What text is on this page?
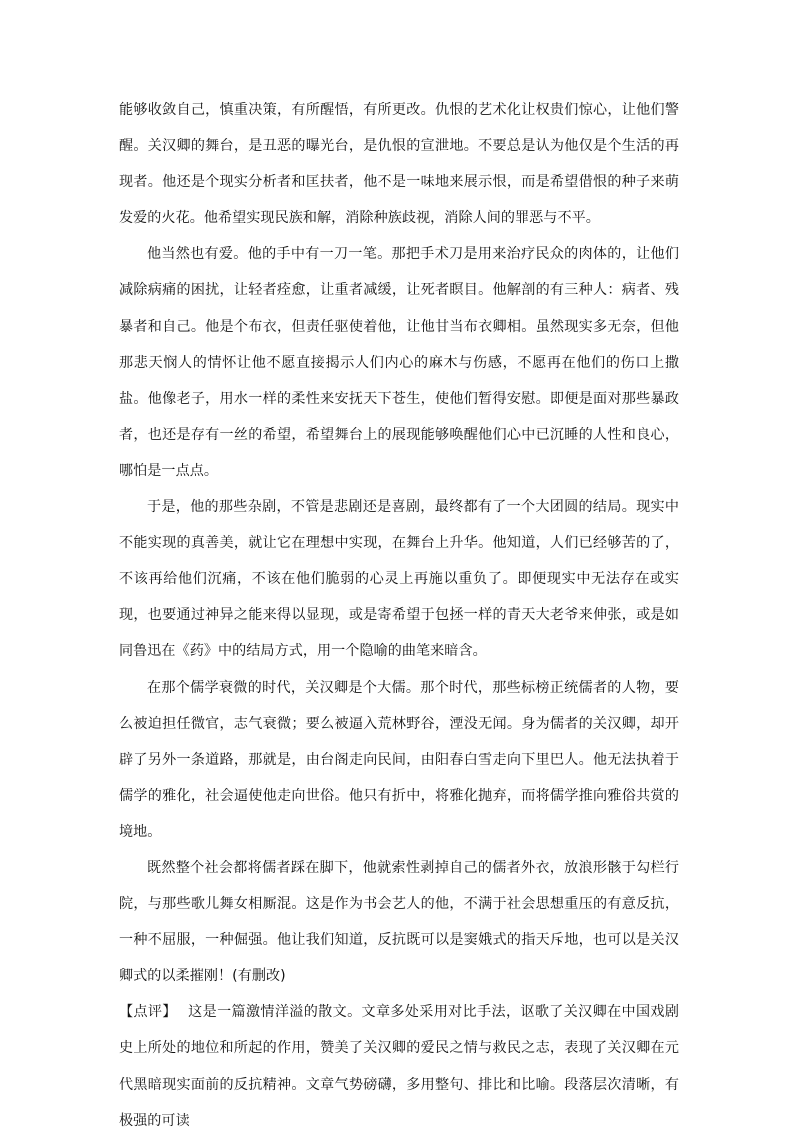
能够收敛自己，慎重决策，有所醒悟，有所更改。仇恨的艺术化让权贵们惊心，让他们警醒。关汉卿的舞台，是丑恶的曝光台，是仇恨的宣泄地。不要总是认为他仅是个生活的再现者。他还是个现实分析者和匡扶者，他不是一味地来展示恨，而是希望借恨的种子来萌发爱的火花。他希望实现民族和解，消除种族歧视，消除人间的罪恶与不平。

他当然也有爱。他的手中有一刀一笔。那把手术刀是用来治疗民众的肉体的，让他们减除病痛的困扰，让轻者痊愈，让重者减缓，让死者瞑目。他解剖的有三种人：病者、残暴者和自己。他是个布衣，但责任驱使着他，让他甘当布衣卿相。虽然现实多无奈，但他那悲天悯人的情怀让他不愿直接揭示人们内心的麻木与伤感，不愿再在他们的伤口上撒盐。他像老子，用水一样的柔性来安抚天下苍生，使他们暂得安慰。即便是面对那些暴政者，也还是存有一丝的希望，希望舞台上的展现能够唤醒他们心中已沉睡的人性和良心，哪怕是一点点。

于是，他的那些杂剧，不管是悲剧还是喜剧，最终都有了一个大团圆的结局。现实中不能实现的真善美，就让它在理想中实现，在舞台上升华。他知道，人们已经够苦的了，不该再给他们沉痛，不该在他们脆弱的心灵上再施以重负了。即便现实中无法存在或实现，也要通过神异之能来得以显现，或是寄希望于包拯一样的青天大老爷来伸张，或是如同鲁迅在《药》中的结局方式，用一个隐喻的曲笔来暗含。

在那个儒学衰微的时代，关汉卿是个大儒。那个时代，那些标榜正统儒者的人物，要么被迫担任微官，志气衰微；要么被逼入荒林野谷，湮没无闻。身为儒者的关汉卿，却开辟了另外一条道路，那就是，由台阁走向民间，由阳春白雪走向下里巴人。他无法执着于儒学的雅化，社会逼使他走向世俗。他只有折中，将雅化抛弃，而将儒学推向雅俗共赏的境地。

既然整个社会都将儒者踩在脚下，他就索性剥掉自己的儒者外衣，放浪形骸于勾栏行院，与那些歌儿舞女相厮混。这是作为书会艺人的他，不满于社会思想重压的有意反抗，一种不屈服，一种倔强。他让我们知道，反抗既可以是窦娥式的指天斥地，也可以是关汉卿式的以柔摧刚！(有删改)

【点评】　这是一篇激情洋溢的散文。文章多处采用对比手法，讴歌了关汉卿在中国戏剧史上所处的地位和所起的作用，赞美了关汉卿的爱民之情与救民之志，表现了关汉卿在元代黑暗现实面前的反抗精神。文章气势磅礴，多用整句、排比和比喻。段落层次清晰，有极强的可读
